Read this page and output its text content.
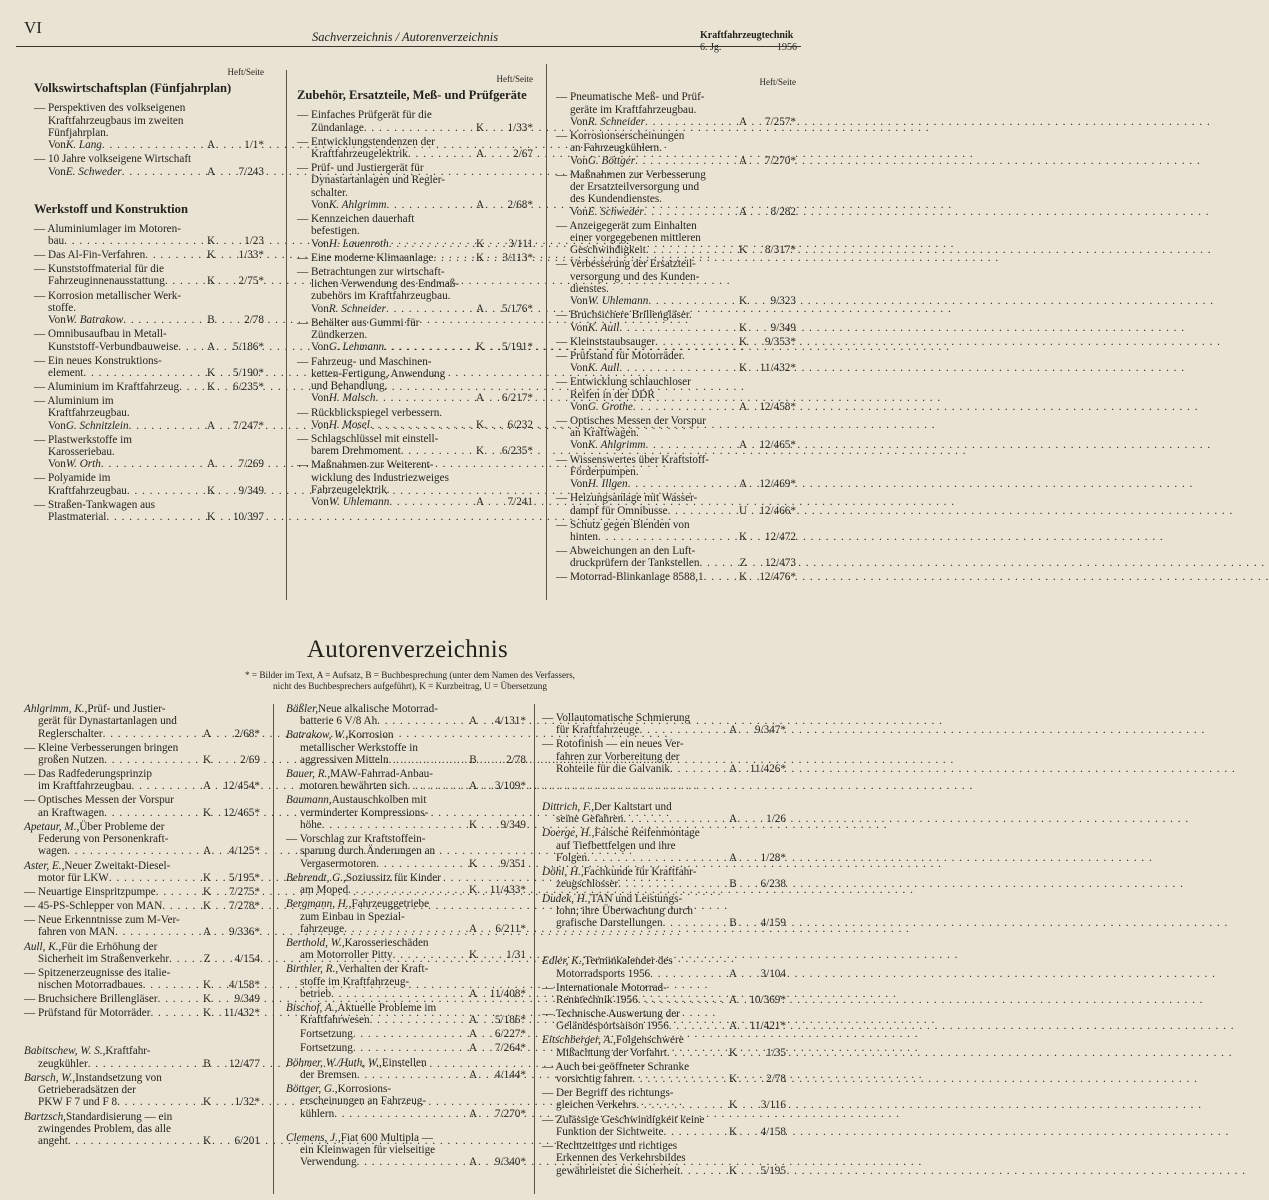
VI	Sachverzeichnis / Autorenverzeichnis	Kraftfahrzeugtechnik
6. Jg.	1956
Heft/Seite
Volkswirtschaftsplan (Fünfjahrplan)
— Perspektiven des volkseigenen
Kraftfahrzeugbaus im zweiten
Fünfjahrplan.
Von K. Lang . . .	A	1/1*
— 10 Jahre volkseigene Wirtschaft
Von E. Schweder . . .	A	7/243
Werkstoff und Konstruktion
— Aluminiumlager im Motoren-
bau . . .	K	1/23
— Das Al-Fin-Verfahren . . .	K	1/33*
— Kunststoffmaterial für die
Fahrzeuginnenausstattung . . .	K	2/75*
— Korrosion metallischer Werk-
stoffe.
Von W. Batrakow . . .	B	2/78
— Omnibusaufbau in Metall-
Kunststoff-Verbundbauweise . . .	A	5/186*
— Ein neues Konstruktions-
element . . .	K	5/190*
— Aluminium im Kraftfahrzeug . . . K	6/235*
— Aluminium im
Kraftfahrzeugbau.
Von G. Schnitzlein . . .	A	7/247*
— Plastwerkstoffe im
Karosseriebau.
Von W. Orth . . .	A	7/269
— Polyamide im
Kraftfahrzeugbau . . .	K	9/349
— Straßen-Tankwagen aus
Plastmaterial . . .	K	10/397
Heft/Seite
Zubehör, Ersatzteile, Meß- und Prüfgeräte
— Einfaches Prüfgerät für die
Zündanlage . . .	K	1/33*
— Entwicklungstendenzen der
Kraftfahrzeugelektrik . . .	A	2/67
— Prüf- und Justiergerät für
Dynastartanlagen und Regler-
schalter.
Von K. Ahlgrimm . . .	A	2/68*
— Kennzeichen dauerhaft
befestigen.
Von H. Lauenroth . . .	K	3/111
— Eine moderne Klimaanlage . . .	K	3/113*
— Betrachtungen zur wirtschaft-
lichen Verwendung des Endmaß-
zubehörs im Kraftfahrzeugbau.
Von R. Schneider . . .	A	5/176*
— Behälter aus Gummi für
Zündkerzen.
Von G. Lehmann . . .	K	5/191*
— Fahrzeug- und Maschinen-
ketten-Fertigung, Anwendung
und Behandlung.
Von H. Malsch . . .	A	6/217*
— Rückblickspiegel verbessern.
Von H. Mosel . . .	K	6/232
— Schlagschlüssel mit einstell-
barem Drehmoment . . .	K	6/235*
— Maßnahmen zur Weiterent-
wicklung des Industriezweiges
Fahrzeugelektrik.
Von W. Uhlemann . . .	A	7/241
Heft/Seite
— Pneumatische Meß- und Prüf-
geräte im Kraftfahrzeugbau.
Von R. Schneider . . .	A	7/257*
— Korrosionserscheinungen
an Fahrzeugkühlern.
Von G. Böttger . . .	A	7/270*
— Maßnahmen zur Verbesserung
der Ersatzteilversorgung und
des Kundendienstes.
Von E. Schweder . . .	A	8/282
— Anzeigegerät zum Einhalten
einer vorgegebenen mittleren
Geschwindigkeit . . .	K	8/317*
— Verbesserung der Ersatzteil-
versorgung und des Kunden-
dienstes.
Von W. Uhlemann . . .	K	9/323
— Bruchsichere Brillengläser.
Von K. Aull . . .	K	9/349
— Kleinststaubsauger . . .	K	9/353*
— Prüfstand für Motorräder.
Von K. Aull . . .	K	11/432*
— Entwicklung schlauchloser
Reifen in der DDR
Von G. Grothe . . .	A	12/458*
— Optisches Messen der Vorspur
an Kraftwagen.
Von K. Ahlgrimm . . .	A	12/465*
— Wissenswertes über Kraftstoff-
Förderpumpen.
Von H. Illgen . . .	A	12/469*
— Heizungsanlage mit Wasser-
dampf für Omnibusse . . .	U	12/466*
— Schutz gegen Blenden von
hinten . . .	K	12/472
— Abweichungen an den Luft-
druckprüfern der Tankstellen . . .	Z	12/473
— Motorrad-Blinkanlage 8588,1 . . .	K	12/476*
Autorenverzeichnis
* = Bilder im Text, A = Aufsatz, B = Buchbesprechung (unter dem Namen des Verfassers,
nicht des Buchbesprechers aufgeführt), K = Kurzbeitrag, U = Übersetzung
Ahlgrimm, K., Prüf- und Justier-
gerät für Dynastartanlagen und
Reglerschalter . . .	A	2/68*
— Kleine Verbesserungen bringen
großen Nutzen . . .	K	2/69
— Das Radfederungsprinzip
im Kraftfahrzeugbau . . .	A	12/454*
— Optisches Messen der Vorspur
an Kraftwagen . . .	K	12/465*
Apetaur, M., Über Probleme der
Federung von Personenkraft-
wagen . . .	A	4/125*
Aster, E., Neuer Zweitakt-Diesel-
motor für LKW . . .	K	5/195*
— Neuartige Einspritzpumpe . . .	K	7/275*
— 45-PS-Schlepper von MAN . . .	K	7/278*
— Neue Erkenntnisse zum M-Ver-
fahren von MAN . . .	A	9/336*
Aull, K., Für die Erhöhung der
Sicherheit im Straßenverkehr . . .	Z	4/154
— Spitzenerzeugnisse des italie-
nischen Motorradbaues . . .	K	4/158*
— Bruchsichere Brillengläser . . .	K	9/349
— Prüfstand für Motorräder . . .	K	11/432*
Babitschew, W. S., Kraftfahr-
zeugkühler . . .	B	12/477
Barsch, W., Instandsetzung von
Getrieberadsätzen der
PKW F 7 und F 8 . . .	K	1/32*
Bartzsch, Standardisierung — ein
zwingendes Problem, das alle
angeht . . .	K	6/201
Bäßler, Neue alkalische Motorrad-
batterie 6 V/8 Ah . . .	A	4/131*
Batrakow, W., Korrosion
metallischer Werkstoffe in
aggressiven Mitteln . . .	B	2/78
Bauer, R., MAW-Fahrrad-Anbau-
motoren bewährten sich . . .	A	3/109*
Baumann, Austauschkolben mit
verminderter Kompressions-
höhe . . .	K	9/349
— Vorschlag zur Kraftstoffein-
sparung durch Änderungen an
Vergasermotoren . . .	K	9/351
Behrendt, G., Soziussitz für Kinder
am Moped . . .	K	11/433*
Bergmann, H., Fahrzeuggetriebe
zum Einbau in Spezial-
fahrzeuge . . .	A	6/211*
Berthold, W., Karosserieschäden
am Motorroller Pitty . . .	K	1/31
Birthler, R., Verhalten der Kraft-
stoffe im Kraftfahrzeug-
betrieb . . .	A	11/408*
Bischof, A., Aktuelle Probleme im
Kraftfahrwesen . . .	A	5/186*
Fortsetzung . . .	A	6/227*
Fortsetzung . . .	A	7/264*
Böhmer, W./Huth, W., Einstellen
der Bremsen . . .	A	4/144*
Böttger, G., Korrosions-
erscheinungen an Fahrzeug-
kühlern . . .	A	7/270*
Clemens, J., Fiat 600 Multipla —
ein Kleinwagen für vielseitige
Verwendung . . .	A	9/340*
— Vollautomatische Schmierung
für Kraftfahrzeuge . . .	A	9/347*
— Rotofinish — ein neues Ver-
fahren zur Vorbereitung der
Rohteile für die Galvanik . . .	A	11/426*
Dittrich, F., Der Kaltstart und
seine Gefahren . . .	A	1/26
Doerge, H., Falsche Reifenmontage
auf Tiefbettfelgen und ihre
Folgen . . .	A	1/28*
Döhl, H., Fachkunde für Kraftfahr-
zeugschlosser . . .	B	6/238
Dudek, H., TAN und Leistungs-
lohn; ihre Überwachung durch
grafische Darstellungen . . .	B	4/159
Edler, K., Terminkalender des
Motorradsports 1956 . . .	A	3/104
— Internationale Motorrad-
Renntechnik 1956 . . .	A	10/369*
— Technische Auswertung der
Geländesportsaison 1956 . . .	A	11/421*
Eitschberger, A., Folgenschwere
Mißachtung der Vorfahrt . . .	K	1/35
— Auch bei geöffneter Schranke
vorsichtig fahren . . .	K	2/78
— Der Begriff des richtungs-
gleichen Verkehrs . . .	K	3/116
— Zulässige Geschwindigkeit keine
Funktion der Sichtweite . . .	K	4/158
— Rechtzeitiges und richtiges
Erkennen des Verkehrsbildes
gewährleistet die Sicherheit . . .	K	5/195
